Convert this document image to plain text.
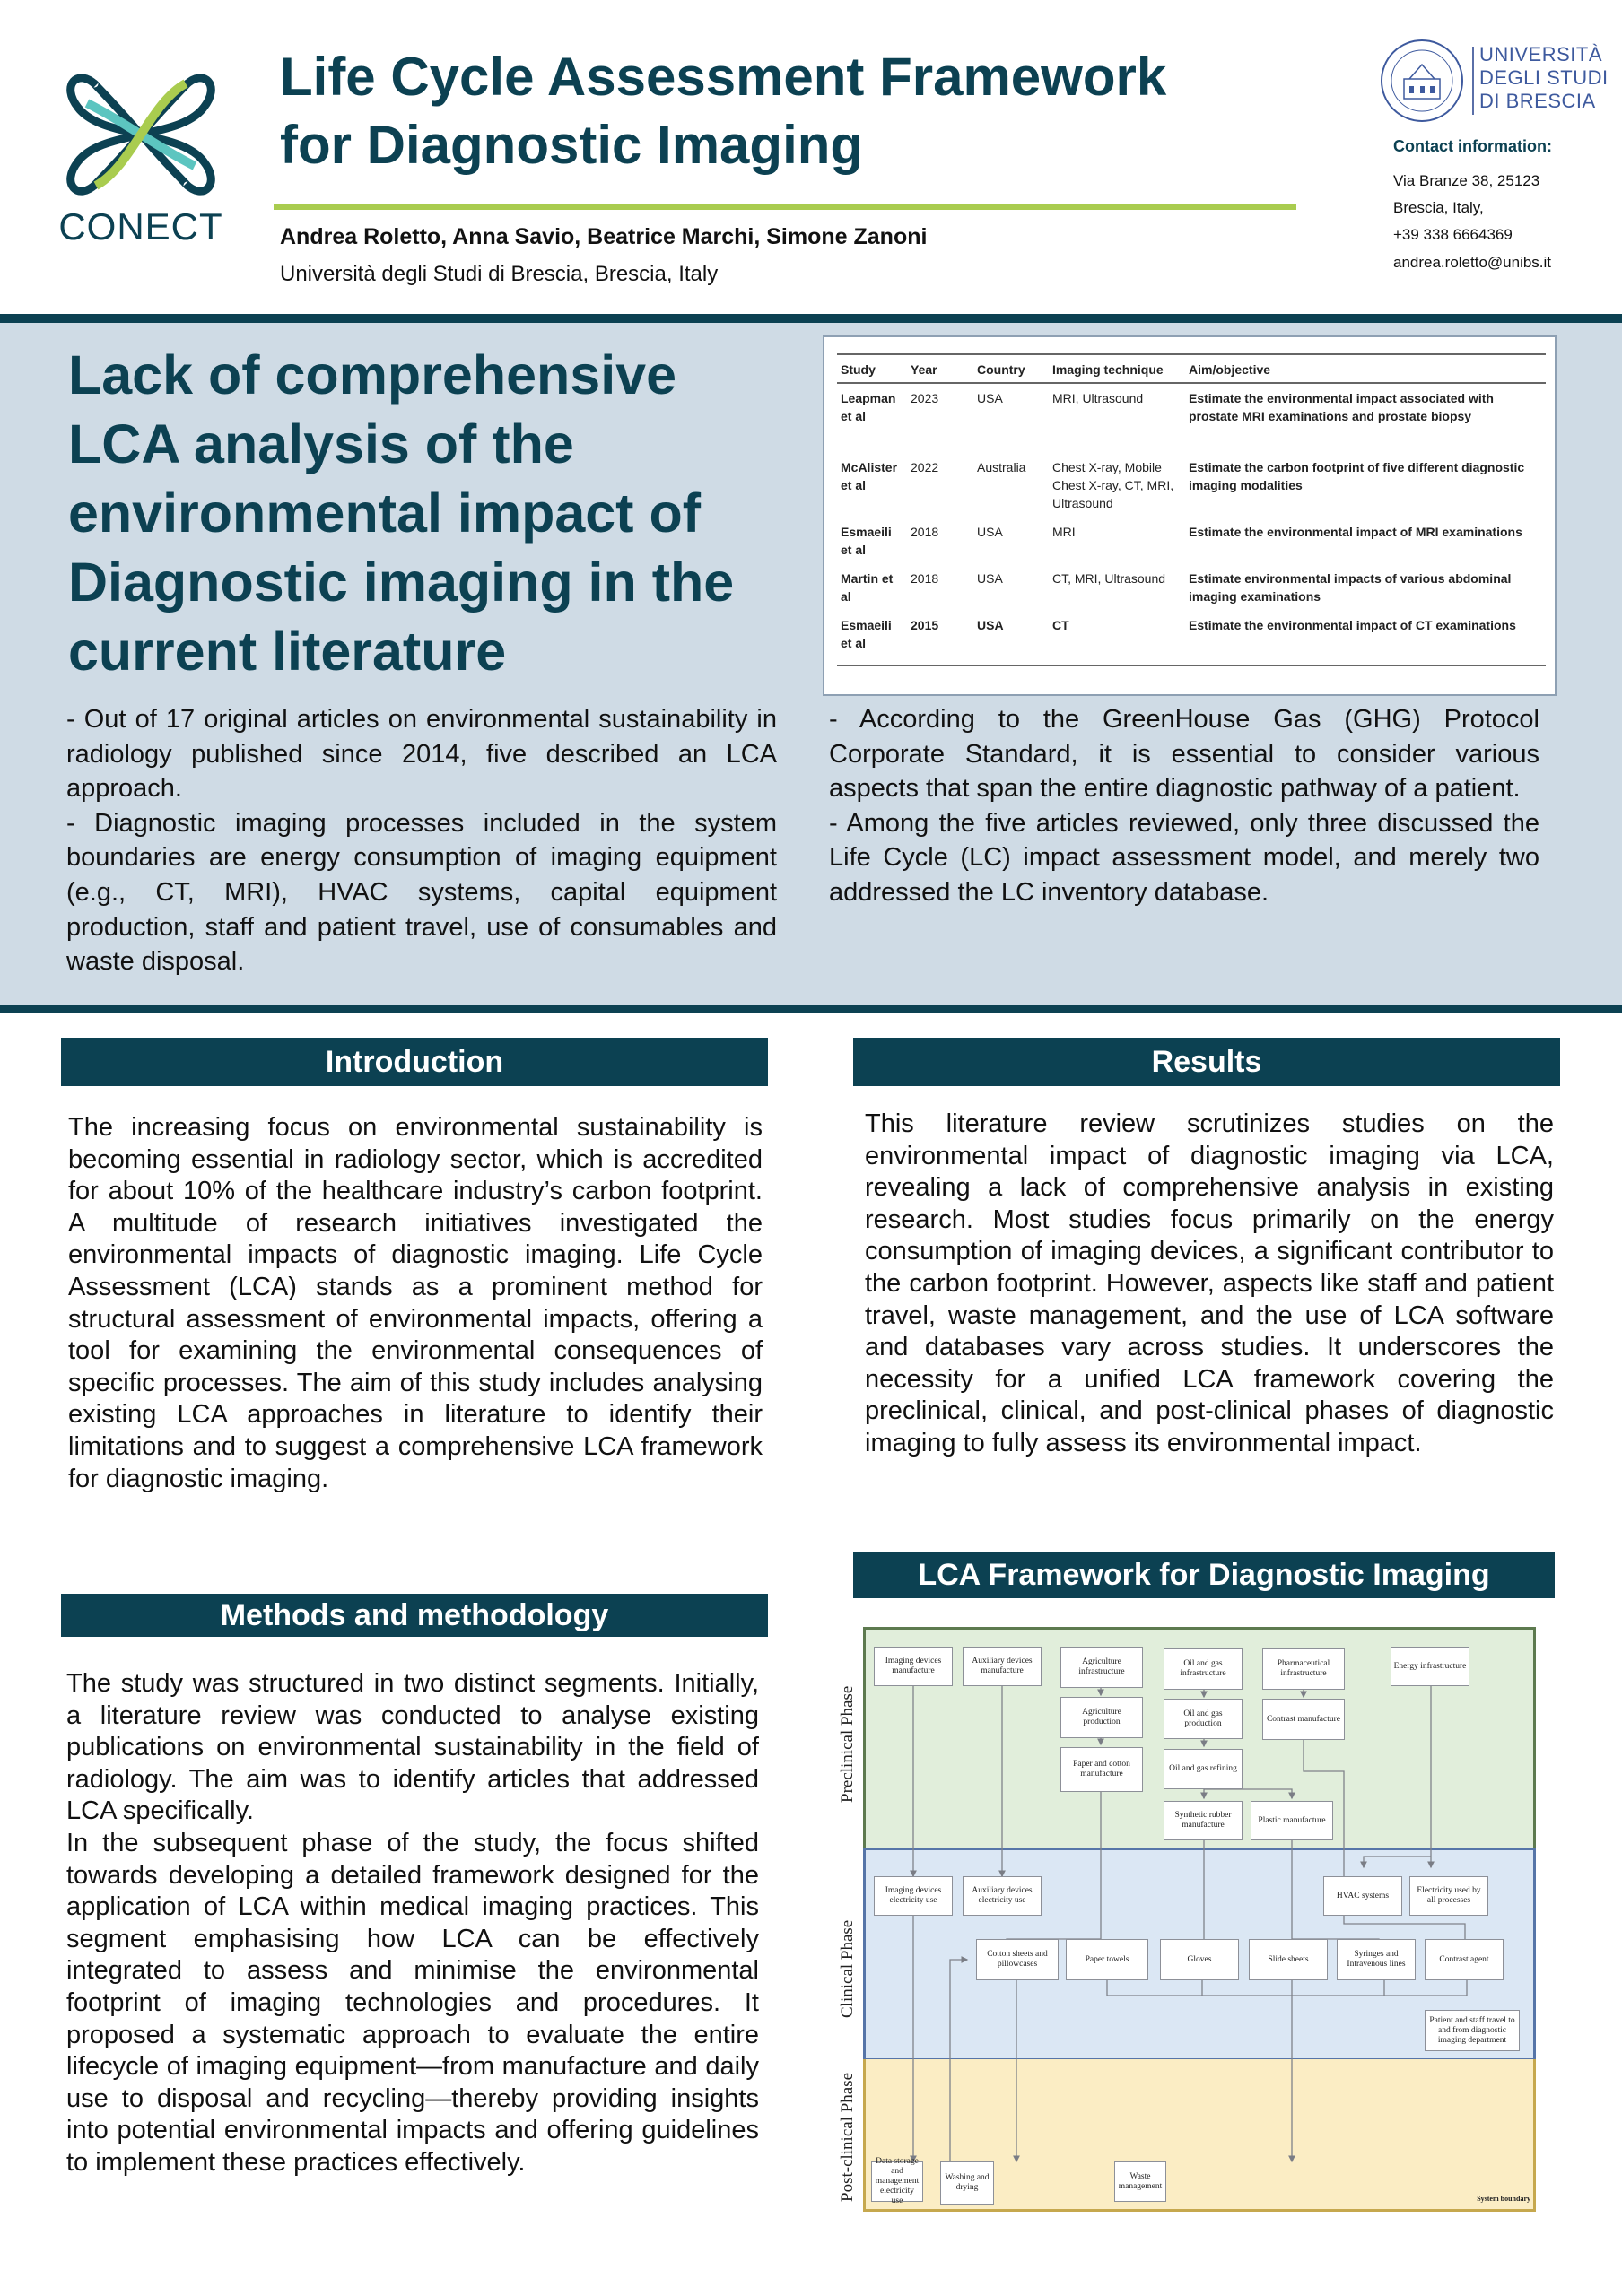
CONECT
Life Cycle Assessment Framework
for Diagnostic Imaging
Andrea Roletto, Anna Savio, Beatrice Marchi, Simone Zanoni
Università degli Studi di Brescia, Brescia, Italy
UNIVERSITÀ
DEGLI STUDI
DI BRESCIA
Contact information:
Via Branze 38, 25123
Brescia, Italy,
+39 338 6664369
andrea.roletto@unibs.it
Lack of comprehensive LCA analysis of the environmental impact of Diagnostic imaging in the current literature

- Out of 17 original articles on environmental sustainability in radiology published since 2014, five described an LCA approach.

- Diagnostic imaging processes included in the system boundaries are energy consumption of imaging equipment (e.g., CT, MRI), HVAC systems, capital equipment production, staff and patient travel, use of consumables and waste disposal.

- According to the GreenHouse Gas (GHG) Protocol Corporate Standard, it is essential to consider various aspects that span the entire diagnostic pathway of a patient.

- Among the five articles reviewed, only three discussed the Life Cycle (LC) impact assessment model, and merely two addressed the LC inventory database.

Study	Year	Country	Imaging technique	Aim/objective
Leapman et al	2023	USA	MRI, Ultrasound	Estimate the environmental impact associated with prostate MRI examinations and prostate biopsy
McAlister et al	2022	Australia	Chest X-ray, Mobile Chest X-ray, CT, MRI, Ultrasound	Estimate the carbon footprint of five different diagnostic imaging modalities
Esmaeili et al	2018	USA	MRI	Estimate the environmental impact of MRI examinations
Martin et al	2018	USA	CT, MRI, Ultrasound	Estimate environmental impacts of various abdominal imaging examinations
Esmaeili et al	2015	USA	CT	Estimate the environmental impact of CT examinations
Introduction
The increasing focus on environmental sustainability is becoming essential in radiology sector, which is accredited for about 10% of the healthcare industry’s carbon footprint. A multitude of research initiatives investigated the environmental impacts of diagnostic imaging. Life Cycle Assessment (LCA) stands as a prominent method for structural assessment of environmental impacts, offering a tool for examining the environmental consequences of specific processes. The aim of this study includes analysing existing LCA approaches in literature to identify their limitations and to suggest a comprehensive LCA framework for diagnostic imaging.
Methods and methodology
The study was structured in two distinct segments. Initially, a literature review was conducted to analyse existing publications on environmental sustainability in the field of radiology. The aim was to identify articles that addressed LCA specifically.
In the subsequent phase of the study, the focus shifted towards developing a detailed framework designed for the application of LCA within medical imaging practices. This segment emphasising how LCA can be effectively integrated to assess and minimise the environmental footprint of imaging technologies and procedures. It proposed a systematic approach to evaluate the entire lifecycle of imaging equipment—from manufacture and daily use to disposal and recycling—thereby providing insights into potential environmental impacts and offering guidelines to implement these practices effectively.
Results
This literature review scrutinizes studies on the environmental impact of diagnostic imaging via LCA, revealing a lack of comprehensive analysis in existing research. Most studies focus primarily on the energy consumption of imaging devices, a significant contributor to the carbon footprint. However, aspects like staff and patient travel, waste management, and the use of LCA software and databases vary across studies. It underscores the necessity for a unified LCA framework covering the preclinical, clinical, and post-clinical phases of diagnostic imaging to fully assess its environmental impact.
LCA Framework for Diagnostic Imaging
Preclinical Phase
Clinical Phase
Post-clinical Phase
Imaging devices manufacture
Auxiliary devices manufacture
Agriculture infrastructure
Agriculture production
Paper and cotton manufacture
Oil and gas infrastructure
Oil and gas production
Oil and gas refining
Synthetic rubber manufacture
Plastic manufacture
Pharmaceutical infrastructure
Contrast manufacture
Energy infrastructure
Imaging devices electricity use
Auxiliary devices electricity use
HVAC systems
Electricity used by all processes
Cotton sheets and pillowcases
Paper towels	Gloves	Slide sheets
Syringes and Intravenous lines
Contrast agent
Patient and staff travel to and from diagnostic imaging department
Data storage and management electricity use
Washing and drying
Waste management
System boundary
